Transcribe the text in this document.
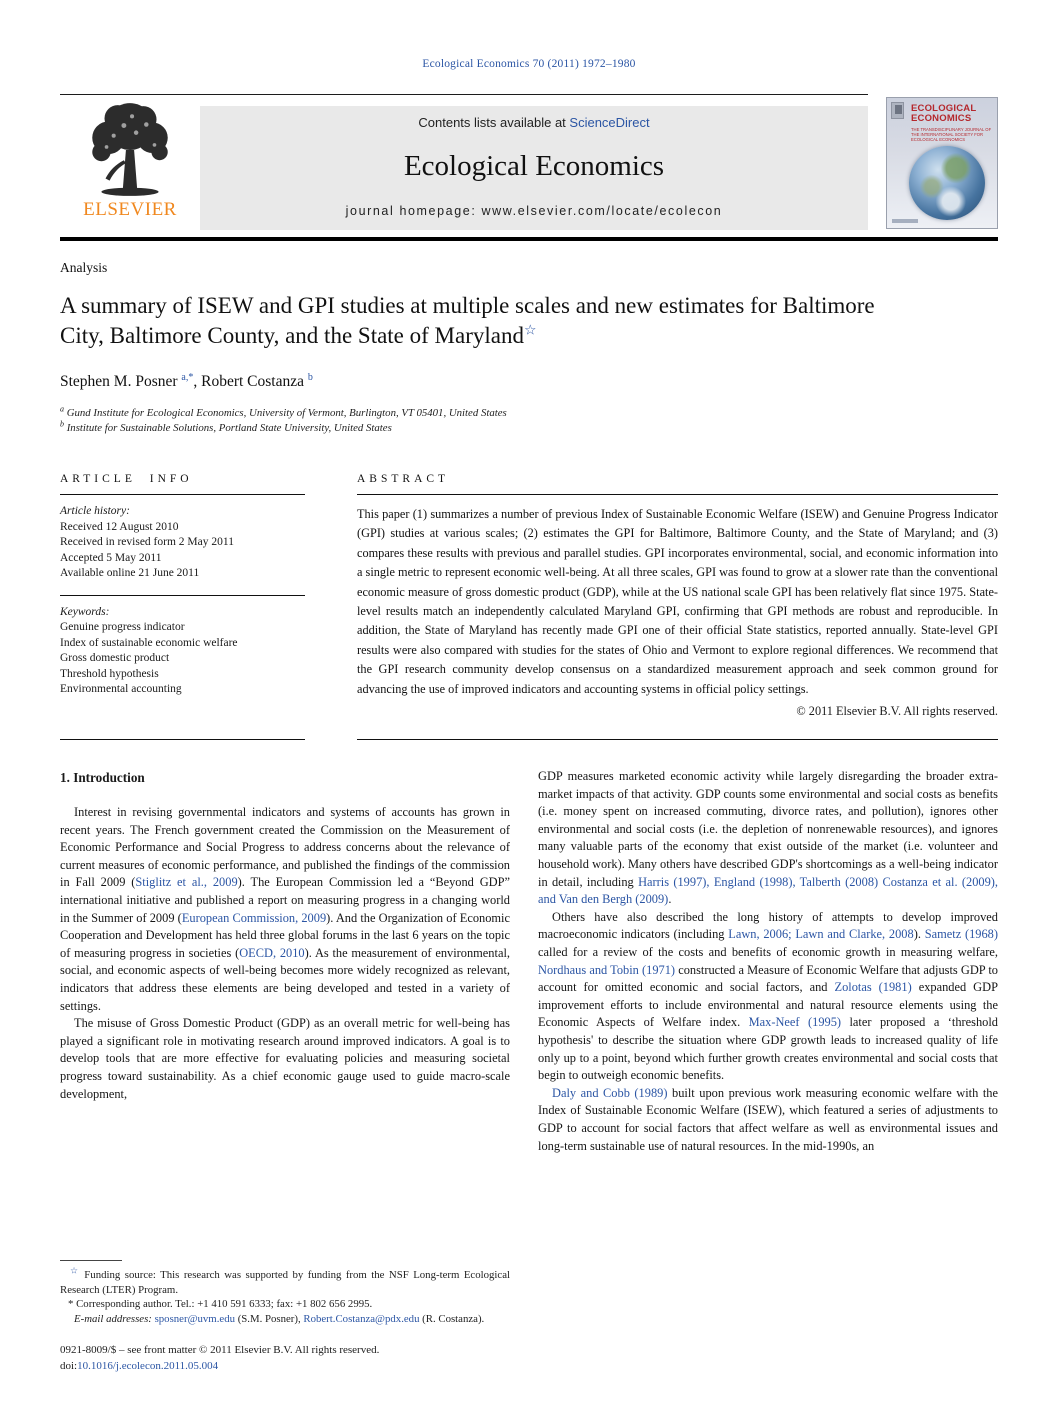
Ecological Economics 70 (2011) 1972–1980
ELSEVIER
Contents lists available at ScienceDirect
Ecological Economics
journal homepage: www.elsevier.com/locate/ecolecon
ECOLOGICAL
ECONOMICS
THE TRANSDISCIPLINARY JOURNAL OF THE INTERNATIONAL SOCIETY FOR ECOLOGICAL ECONOMICS
Analysis
A summary of ISEW and GPI studies at multiple scales and new estimates for Baltimore City, Baltimore County, and the State of Maryland☆
Stephen M. Posner $^{a,*}$, Robert Costanza $^b$
$^a$ Gund Institute for Ecological Economics, University of Vermont, Burlington, VT 05401, United States
$^b$ Institute for Sustainable Solutions, Portland State University, United States
ARTICLE INFO
Article history:
Received 12 August 2010
Received in revised form 2 May 2011
Accepted 5 May 2011
Available online 21 June 2011
Keywords:
Genuine progress indicator
Index of sustainable economic welfare
Gross domestic product
Threshold hypothesis
Environmental accounting
ABSTRACT
This paper (1) summarizes a number of previous Index of Sustainable Economic Welfare (ISEW) and Genuine Progress Indicator (GPI) studies at various scales; (2) estimates the GPI for Baltimore, Baltimore County, and the State of Maryland; and (3) compares these results with previous and parallel studies. GPI incorporates environmental, social, and economic information into a single metric to represent economic well-being. At all three scales, GPI was found to grow at a slower rate than the conventional economic measure of gross domestic product (GDP), while at the US national scale GPI has been relatively flat since 1975. State-level results match an independently calculated Maryland GPI, confirming that GPI methods are robust and reproducible. In addition, the State of Maryland has recently made GPI one of their official State statistics, reported annually. State-level GPI results were also compared with studies for the states of Ohio and Vermont to explore regional differences. We recommend that the GPI research community develop consensus on a standardized measurement approach and seek common ground for advancing the use of improved indicators and accounting systems in official policy settings.
© 2011 Elsevier B.V. All rights reserved.
1. Introduction

Interest in revising governmental indicators and systems of accounts has grown in recent years. The French government created the Commission on the Measurement of Economic Performance and Social Progress to address concerns about the relevance of current measures of economic performance, and published the findings of the commission in Fall 2009 (Stiglitz et al., 2009). The European Commission led a “Beyond GDP” international initiative and published a report on measuring progress in a changing world in the Summer of 2009 (European Commission, 2009). And the Organization of Economic Cooperation and Development has held three global forums in the last 6 years on the topic of measuring progress in societies (OECD, 2010). As the measurement of environmental, social, and economic aspects of well-being becomes more widely recognized as relevant, indicators that address these elements are being developed and tested in a variety of settings.

The misuse of Gross Domestic Product (GDP) as an overall metric for well-being has played a significant role in motivating research around improved indicators. A goal is to develop tools that are more effective for evaluating policies and measuring societal progress toward sustainability. As a chief economic gauge used to guide macro-scale development,

☆ Funding source: This research was supported by funding from the NSF Long-term Ecological Research (LTER) Program.

* Corresponding author. Tel.: +1 410 591 6333; fax: +1 802 656 2995.

E-mail addresses: sposner@uvm.edu (S.M. Posner), Robert.Costanza@pdx.edu (R. Costanza).

0921-8009/$ – see front matter © 2011 Elsevier B.V. All rights reserved.

doi:10.1016/j.ecolecon.2011.05.004

GDP measures marketed economic activity while largely disregarding the broader extra-market impacts of that activity. GDP counts some environmental and social costs as benefits (i.e. money spent on increased commuting, divorce rates, and pollution), ignores other environmental and social costs (i.e. the depletion of nonrenewable resources), and ignores many valuable parts of the economy that exist outside of the market (i.e. volunteer and household work). Many others have described GDP's shortcomings as a well-being indicator in detail, including Harris (1997), England (1998), Talberth (2008) Costanza et al. (2009), and Van den Bergh (2009).

Others have also described the long history of attempts to develop improved macroeconomic indicators (including Lawn, 2006; Lawn and Clarke, 2008). Sametz (1968) called for a review of the costs and benefits of economic growth in measuring welfare, Nordhaus and Tobin (1971) constructed a Measure of Economic Welfare that adjusts GDP to account for omitted economic and social factors, and Zolotas (1981) expanded GDP improvement efforts to include environmental and natural resource elements using the Economic Aspects of Welfare index. Max-Neef (1995) later proposed a ‘threshold hypothesis' to describe the situation where GDP growth leads to increased quality of life only up to a point, beyond which further growth creates environmental and social costs that begin to outweigh economic benefits.

Daly and Cobb (1989) built upon previous work measuring economic welfare with the Index of Sustainable Economic Welfare (ISEW), which featured a series of adjustments to GDP to account for social factors that affect welfare as well as environmental issues and long-term sustainable use of natural resources. In the mid-1990s, an
